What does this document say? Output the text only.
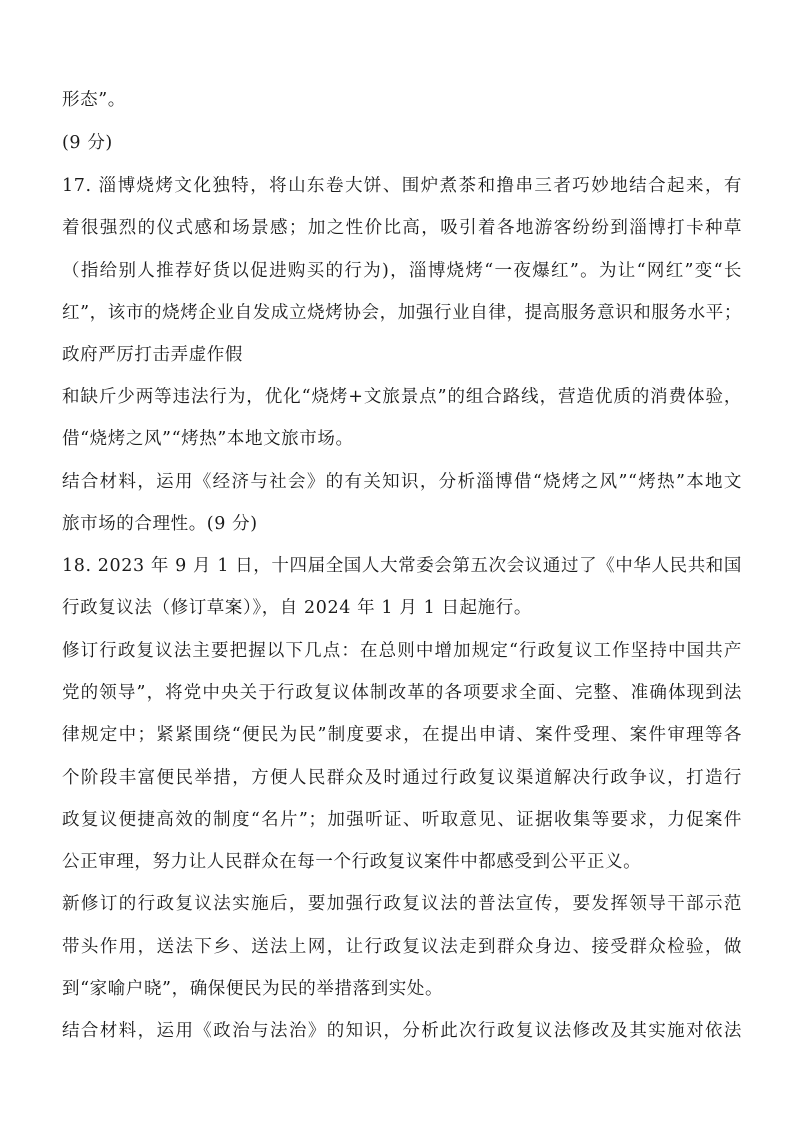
形态”。
(9 分)
17. 淄博烧烤文化独特，将山东卷大饼、围炉煮茶和撸串三者巧妙地结合起来，有
着很强烈的仪式感和场景感；加之性价比高，吸引着各地游客纷纷到淄博打卡种草
（指给别人推荐好货以促进购买的行为)，淄博烧烤“一夜爆红”。为让“网红”变“长
红”，该市的烧烤企业自发成立烧烤协会，加强行业自律，提高服务意识和服务水平；
政府严厉打击弄虚作假
和缺斤少两等违法行为，优化“烧烤+文旅景点”的组合路线，营造优质的消费体验，
借“烧烤之风”“烤热”本地文旅市场。
结合材料，运用《经济与社会》的有关知识，分析淄博借“烧烤之风”“烤热”本地文
旅市场的合理性。(9 分)
18. 2023 年 9 月 1 日，十四届全国人大常委会第五次会议通过了《中华人民共和国
行政复议法（修订草案）》，自 2024 年 1 月 1 日起施行。
修订行政复议法主要把握以下几点：在总则中增加规定“行政复议工作坚持中国共产
党的领导”，将党中央关于行政复议体制改革的各项要求全面、完整、准确体现到法
律规定中；紧紧围绕“便民为民”制度要求，在提出申请、案件受理、案件审理等各
个阶段丰富便民举措，方便人民群众及时通过行政复议渠道解决行政争议，打造行
政复议便捷高效的制度“名片”；加强听证、听取意见、证据收集等要求，力促案件
公正审理，努力让人民群众在每一个行政复议案件中都感受到公平正义。
新修订的行政复议法实施后，要加强行政复议法的普法宣传，要发挥领导干部示范
带头作用，送法下乡、送法上网，让行政复议法走到群众身边、接受群众检验，做
到“家喻户晓”，确保便民为民的举措落到实处。
结合材料，运用《政治与法治》的知识，分析此次行政复议法修改及其实施对依法
